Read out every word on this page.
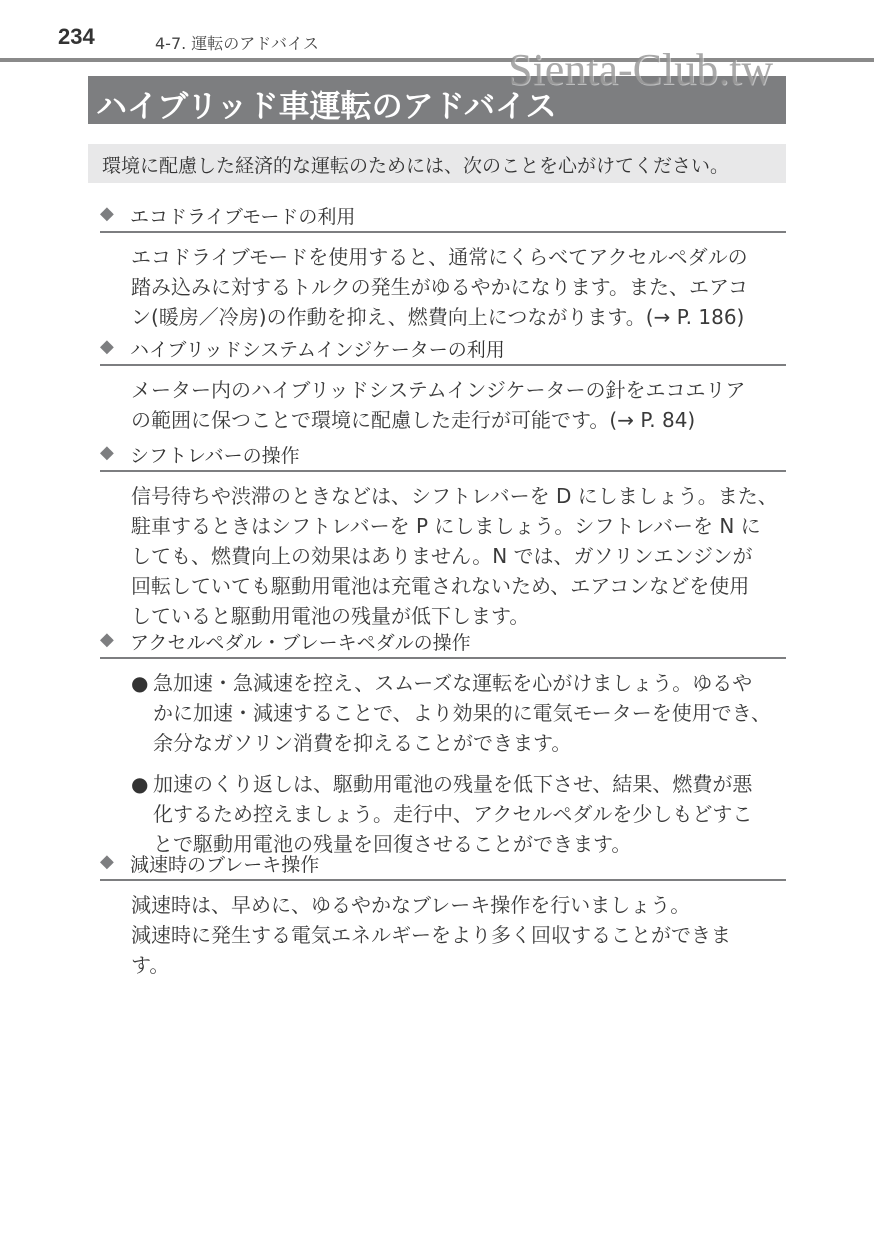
234	4-7. 運転のアドバイス
Sienta-Club.tw
ハイブリッド車運転のアドバイス
環境に配慮した経済的な運転のためには、次のことを心がけてください。
◆ エコドライブモードの利用
エコドライブモードを使用すると、通常にくらべてアクセルペダルの
踏み込みに対するトルクの発生がゆるやかになります。また、エアコ
ン(暖房／冷房)の作動を抑え、燃費向上につながります。(→ P. 186)
◆ ハイブリッドシステムインジケーターの利用
メーター内のハイブリッドシステムインジケーターの針をエコエリア
の範囲に保つことで環境に配慮した走行が可能です。(→ P. 84)
◆ シフトレバーの操作
信号待ちや渋滞のときなどは、シフトレバーを D にしましょう。また、
駐車するときはシフトレバーを P にしましょう。シフトレバーを N に
しても、燃費向上の効果はありません。N では、ガソリンエンジンが
回転していても駆動用電池は充電されないため、エアコンなどを使用
していると駆動用電池の残量が低下します。
◆ アクセルペダル・ブレーキペダルの操作
● 急加速・急減速を控え、スムーズな運転を心がけましょう。ゆるや
かに加速・減速することで、より効果的に電気モーターを使用でき、
余分なガソリン消費を抑えることができます。
● 加速のくり返しは、駆動用電池の残量を低下させ、結果、燃費が悪
化するため控えましょう。走行中、アクセルペダルを少しもどすこ
とで駆動用電池の残量を回復させることができます。
◆ 減速時のブレーキ操作
減速時は、早めに、ゆるやかなブレーキ操作を行いましょう。
減速時に発生する電気エネルギーをより多く回収することができま
す。
